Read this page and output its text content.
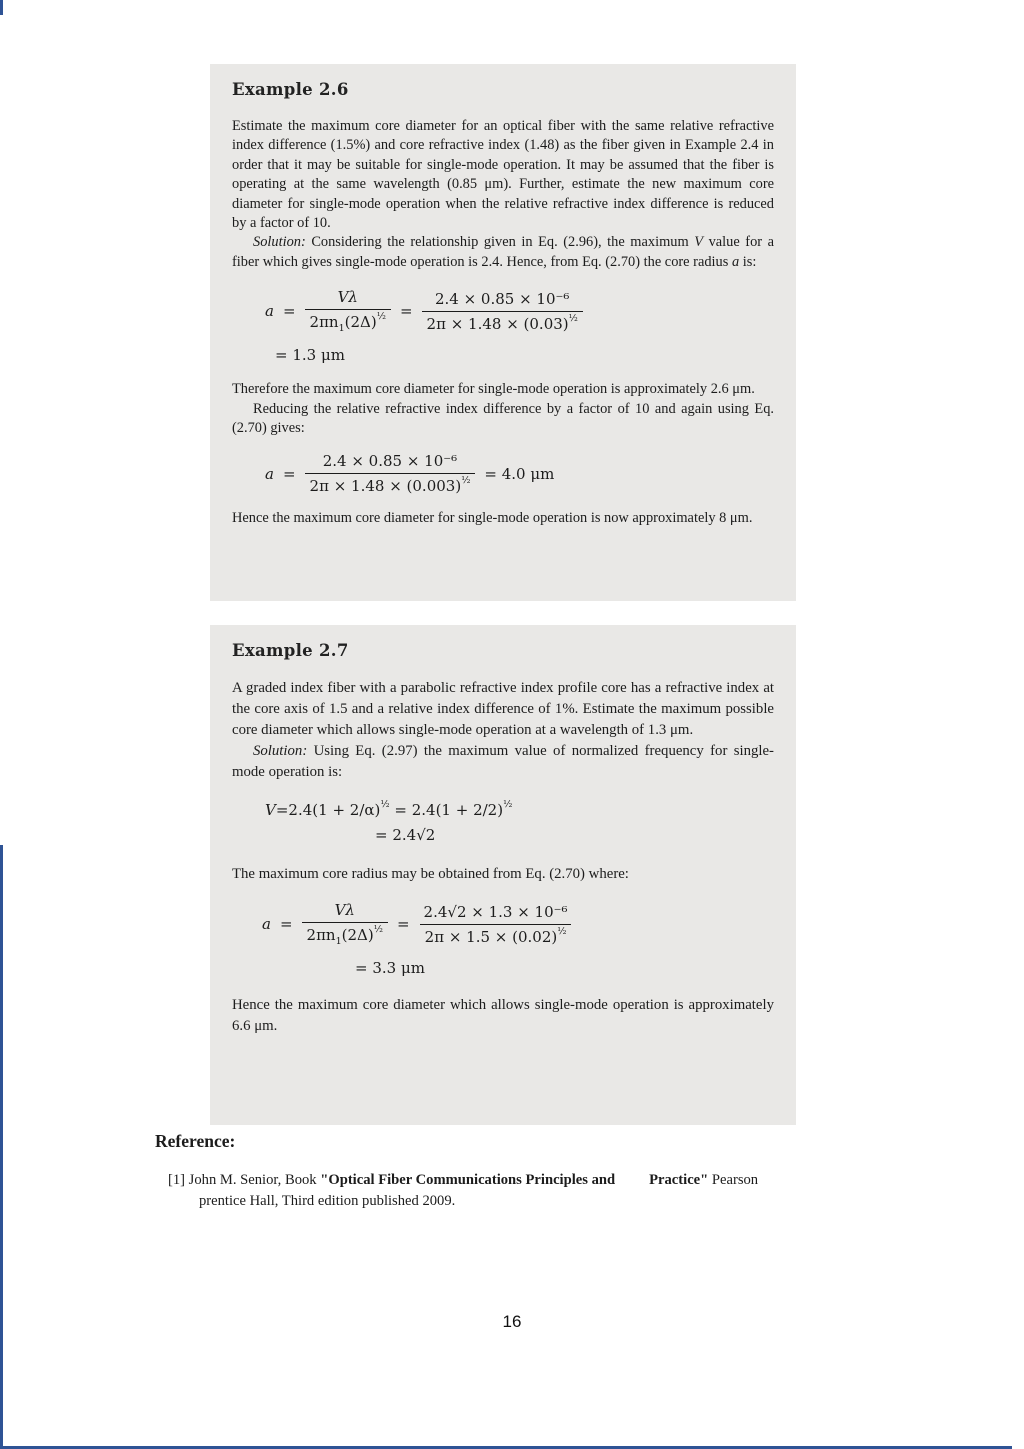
Example 2.6

Estimate the maximum core diameter for an optical fiber with the same relative refractive index difference (1.5%) and core refractive index (1.48) as the fiber given in Example 2.4 in order that it may be suitable for single-mode operation. It may be assumed that the fiber is operating at the same wavelength (0.85 μm). Further, estimate the new maximum core diameter for single-mode operation when the relative refractive index difference is reduced by a factor of 10.

Solution: Considering the relationship given in Eq. (2.96), the maximum V value for a fiber which gives single-mode operation is 2.4. Hence, from Eq. (2.70) the core radius a is:

$a = \frac{V\lambda}{2\pi n_1(2\Delta)^{\frac{1}{2}}} = \frac{\text{2.4 × 0.85 × 10⁻⁶}}{2\pi \times 1.48 \times (0.03)^{\frac{1}{2}}}$
= 1.3 μm

Therefore the maximum core diameter for single-mode operation is approximately 2.6 μm.

Reducing the relative refractive index difference by a factor of 10 and again using Eq. (2.70) gives:

$a = \frac{\text{2.4 × 0.85 × 10⁻⁶}}{2\pi \times 1.48 \times (0.003)^{\frac{1}{2}}} = 4.0$ μm

Hence the maximum core diameter for single-mode operation is now approximately 8 μm.

Example 2.7

A graded index fiber with a parabolic refractive index profile core has a refractive index at the core axis of 1.5 and a relative index difference of 1%. Estimate the maximum possible core diameter which allows single-mode operation at a wavelength of 1.3 μm.

Solution: Using Eq. (2.97) the maximum value of normalized frequency for single-mode operation is:

$V=2.4(1 + 2/\alpha)^{\frac{1}{2}} = 2.4(1 + 2/2)^{\frac{1}{2}}$
= 2.4√2

The maximum core radius may be obtained from Eq. (2.70) where:

$a = \frac{V\lambda}{2\pi n_1(2\Delta)^{\frac{1}{2}}} = \frac{\text{2.4√2 × 1.3 × 10⁻⁶}}{2\pi \times 1.5 \times (0.02)^{\frac{1}{2}}}$
= 3.3 μm

Hence the maximum core diameter which allows single-mode operation is approximately 6.6 μm.

Reference:

[1] John M. Senior, Book "Optical Fiber Communications Principles and Practice" Pearson
prentice Hall, Third edition published 2009.

16
